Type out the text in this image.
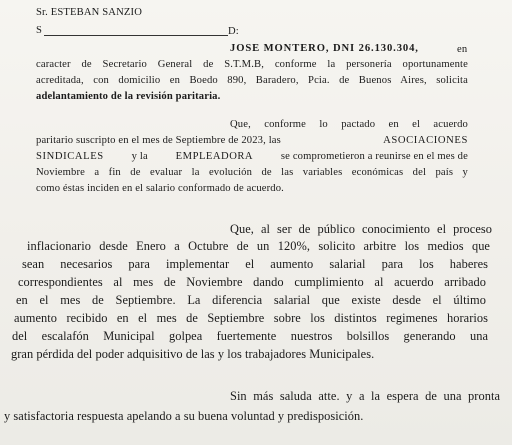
Sr. ESTEBAN SANZIO
S	D:
JOSE MONTERO, DNI 26.130.304,	en
caracter de Secretario General de S.T.M.B, conforme la personería oportunamente
acreditada, con domicilio en Boedo 890, Baradero, Pcia. de Buenos Aires, solicita
adelantamiento de la revisión paritaria.
Que, conforme lo pactado en el acuerdo
paritario suscripto en el mes de Septiembre de 2023, las	ASOCIACIONES
SINDICALES	y la	EMPLEADORA	se comprometieron a reunirse en el mes de
Noviembre a fin de evaluar la evolución de las variables económicas del país y
como éstas inciden en el salario conformado de acuerdo.
Que, al ser de público conocimiento el proceso
inflacionario desde Enero a Octubre de un 120%, solicito arbitre los medios que
sean necesarios para implementar el aumento salarial para los haberes
correspondientes al mes de Noviembre dando cumplimiento al acuerdo arribado
en el mes de Septiembre. La diferencia salarial que existe desde el último
aumento recibido en el mes de Septiembre sobre los distintos regimenes horarios
del escalafón Municipal golpea fuertemente nuestros bolsillos generando una
gran pérdida del poder adquisitivo de las y los trabajadores Municipales.
Sin más saluda atte. y a la espera de una pronta
y satisfactoria respuesta apelando a su buena voluntad y predisposición.
